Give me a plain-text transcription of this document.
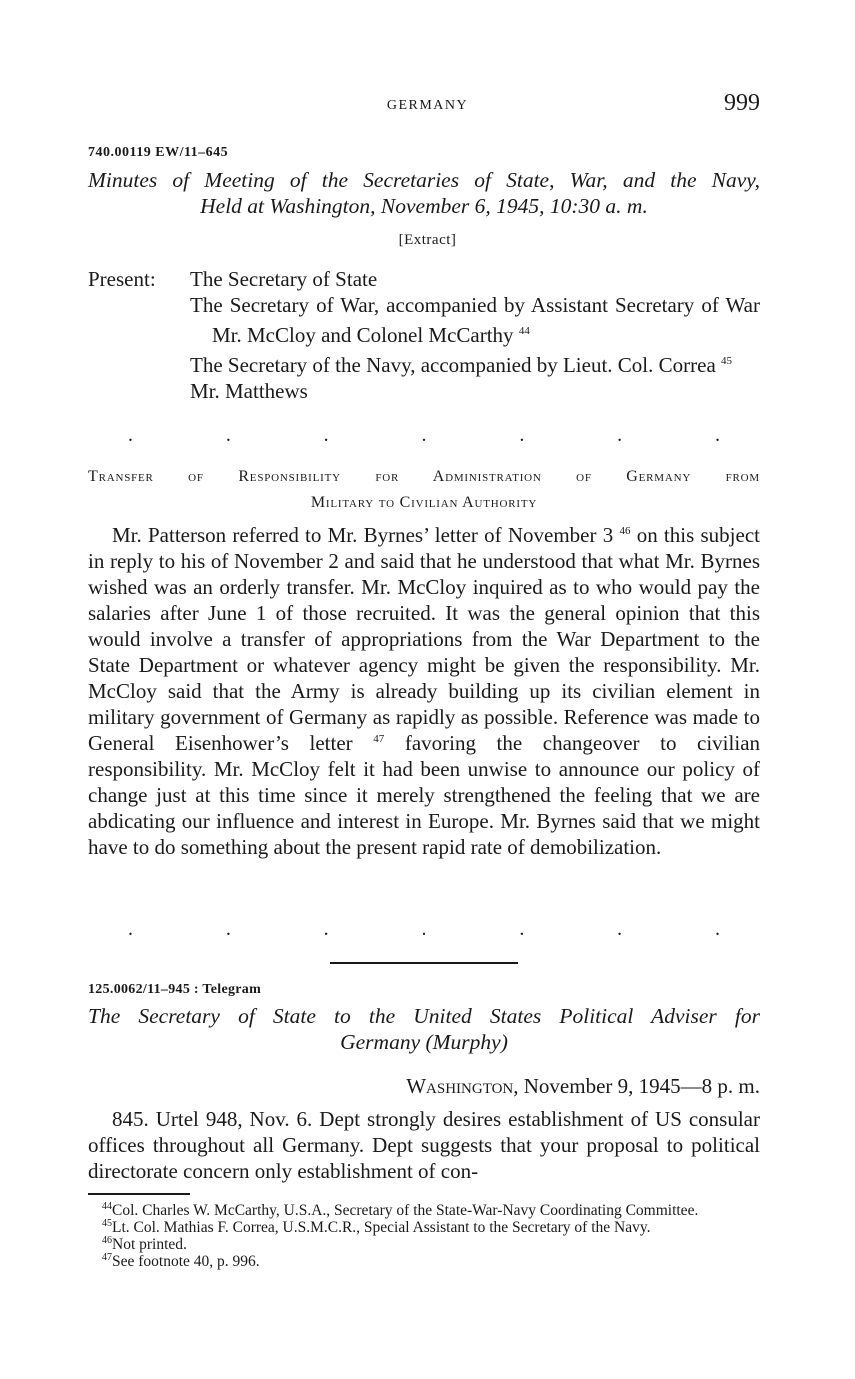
GERMANY	999
740.00119 EW/11–645
Minutes of Meeting of the Secretaries of State, War, and the Navy,
Held at Washington, November 6, 1945, 10:30 a. m.
[Extract]
Present: The Secretary of State

The Secretary of War, accompanied by Assistant Secretary of War Mr. McCloy and Colonel McCarthy $^{44}$

The Secretary of the Navy, accompanied by Lieut. Col. Correa $^{45}$

Mr. Matthews

.	.	.	.	.	.	.
Transfer of Responsibility for Administration of Germany from
Military to Civilian Authority

Mr. Patterson referred to Mr. Byrnes’ letter of November 3 $^{46}$ on this subject in reply to his of November 2 and said that he understood that what Mr. Byrnes wished was an orderly transfer. Mr. McCloy inquired as to who would pay the salaries after June 1 of those recruited. It was the general opinion that this would involve a transfer of appropriations from the War Department to the State Department or whatever agency might be given the responsibility. Mr. McCloy said that the Army is already building up its civilian element in military government of Germany as rapidly as possible. Reference was made to General Eisenhower’s letter $^{47}$ favoring the changeover to civilian responsibility. Mr. McCloy felt it had been unwise to announce our policy of change just at this time since it merely strengthened the feeling that we are abdicating our influence and interest in Europe. Mr. Byrnes said that we might have to do something about the present rapid rate of demobilization.

.	.	.	.	.	.	.
125.0062/11–945 : Telegram
The Secretary of State to the United States Political Adviser for
Germany (Murphy)
Washington, November 9, 1945—8 p. m.

845. Urtel 948, Nov. 6. Dept strongly desires establishment of US consular offices throughout all Germany. Dept suggests that your proposal to political directorate concern only establishment of con-

$^{44}$Col. Charles W. McCarthy, U.S.A., Secretary of the State-War-Navy Coordinating Committee.

$^{45}$Lt. Col. Mathias F. Correa, U.S.M.C.R., Special Assistant to the Secretary of the Navy.

$^{46}$Not printed.

$^{47}$See footnote 40, p. 996.
